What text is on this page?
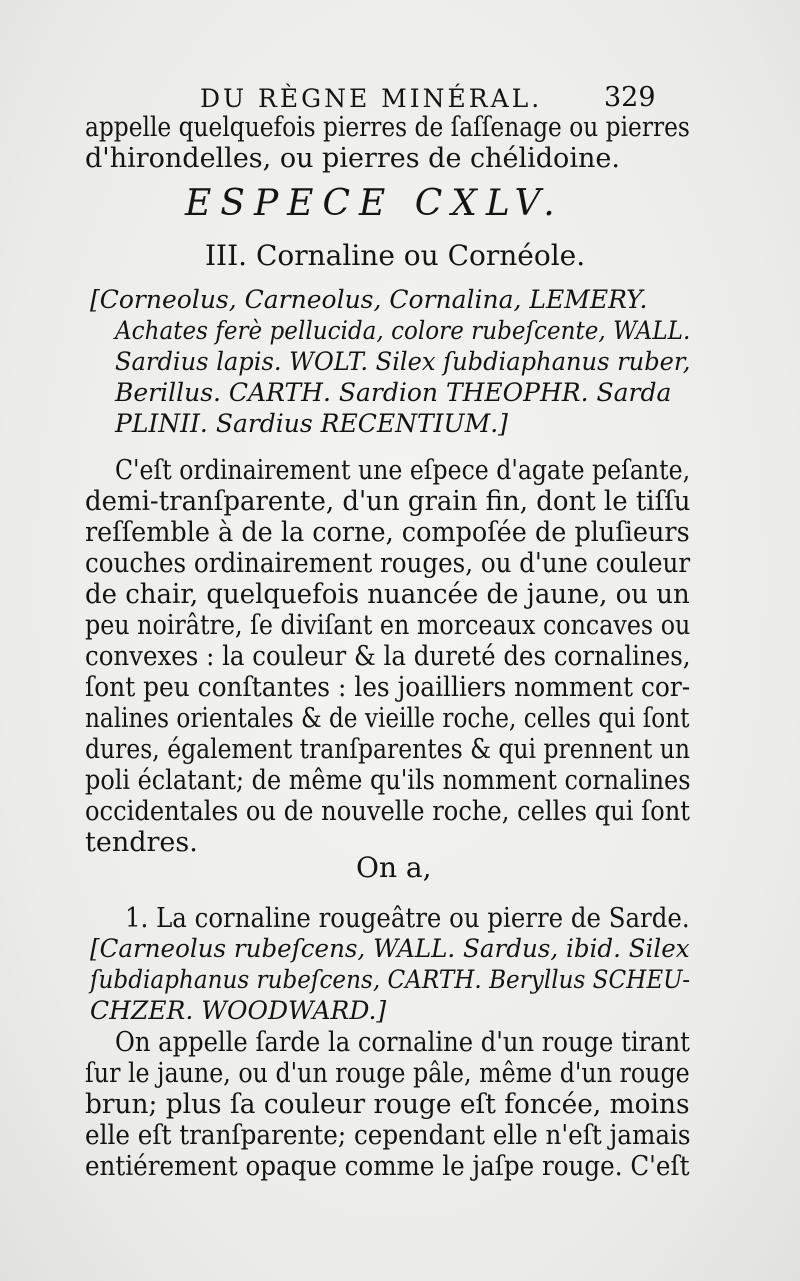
DU RÈGNE MINÉRAL. 329
appelle quelquefois pierres de ſaſſenage ou pierres
d'hirondelles, ou pierres de chélidoine.
ESPECE CXLV.
III. Cornaline ou Cornéole.
[Corneolus, Carneolus, Cornalina, LEMERY.
Achates ferè pellucida, colore rubeſcente, WALL.
Sardius lapis. WOLT. Silex ſubdiaphanus ruber,
Berillus. CARTH. Sardion THEOPHR. Sarda
PLINII. Sardius RECENTIUM.]
C'eſt ordinairement une eſpece d'agate peſante,
demi-tranſparente, d'un grain fin, dont le tiſſu
reſſemble à de la corne, compoſée de pluſieurs
couches ordinairement rouges, ou d'une couleur
de chair, quelquefois nuancée de jaune, ou un
peu noirâtre, ſe diviſant en morceaux concaves ou
convexes : la couleur & la dureté des cornalines,
ſont peu conſtantes : les joailliers nomment cor-
nalines orientales & de vieille roche, celles qui ſont
dures, également tranſparentes & qui prennent un
poli éclatant; de même qu'ils nomment cornalines
occidentales ou de nouvelle roche, celles qui ſont
tendres.
On a,
1. La cornaline rougeâtre ou pierre de Sarde.
[Carneolus rubeſcens, WALL. Sardus, ibid. Silex
ſubdiaphanus rubeſcens, CARTH. Beryllus SCHEU-
CHZER. WOODWARD.]
On appelle ſarde la cornaline d'un rouge tirant
ſur le jaune, ou d'un rouge pâle, même d'un rouge
brun; plus ſa couleur rouge eſt foncée, moins
elle eſt tranſparente; cependant elle n'eſt jamais
entiérement opaque comme le jaſpe rouge. C'eſt
